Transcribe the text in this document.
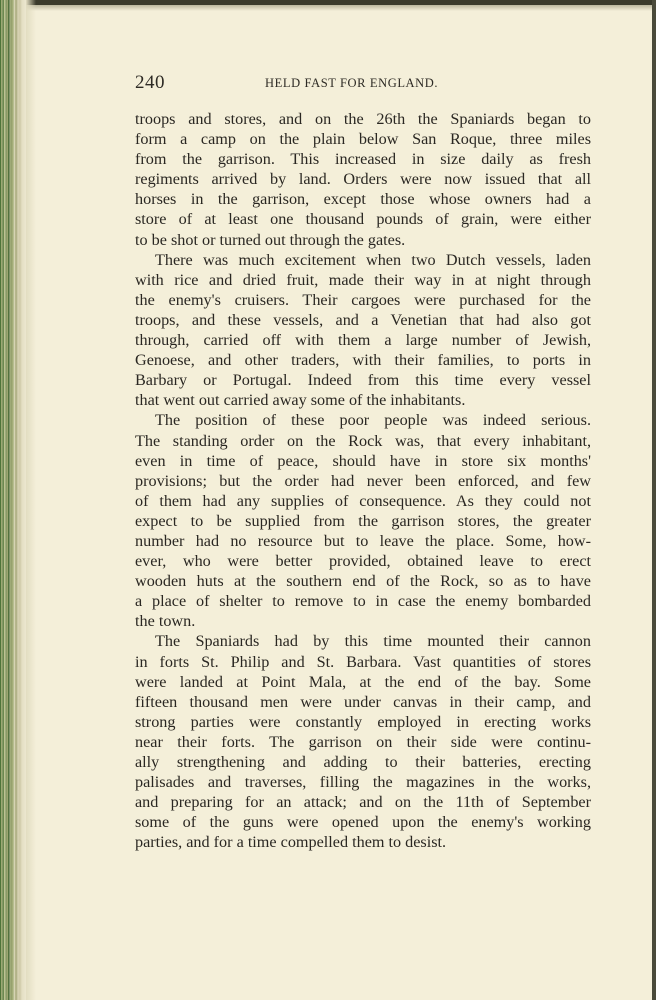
240	HELD FAST FOR ENGLAND.
troops and stores, and on the 26th the Spaniards began to
form a camp on the plain below San Roque, three miles
from the garrison. This increased in size daily as fresh
regiments arrived by land. Orders were now issued that all
horses in the garrison, except those whose owners had a
store of at least one thousand pounds of grain, were either
to be shot or turned out through the gates.
There was much excitement when two Dutch vessels, laden
with rice and dried fruit, made their way in at night through
the enemy's cruisers. Their cargoes were purchased for the
troops, and these vessels, and a Venetian that had also got
through, carried off with them a large number of Jewish,
Genoese, and other traders, with their families, to ports in
Barbary or Portugal. Indeed from this time every vessel
that went out carried away some of the inhabitants.
The position of these poor people was indeed serious.
The standing order on the Rock was, that every inhabitant,
even in time of peace, should have in store six months'
provisions; but the order had never been enforced, and few
of them had any supplies of consequence. As they could not
expect to be supplied from the garrison stores, the greater
number had no resource but to leave the place. Some, how-
ever, who were better provided, obtained leave to erect
wooden huts at the southern end of the Rock, so as to have
a place of shelter to remove to in case the enemy bombarded
the town.
The Spaniards had by this time mounted their cannon
in forts St. Philip and St. Barbara. Vast quantities of stores
were landed at Point Mala, at the end of the bay. Some
fifteen thousand men were under canvas in their camp, and
strong parties were constantly employed in erecting works
near their forts. The garrison on their side were continu-
ally strengthening and adding to their batteries, erecting
palisades and traverses, filling the magazines in the works,
and preparing for an attack; and on the 11th of September
some of the guns were opened upon the enemy's working
parties, and for a time compelled them to desist.
